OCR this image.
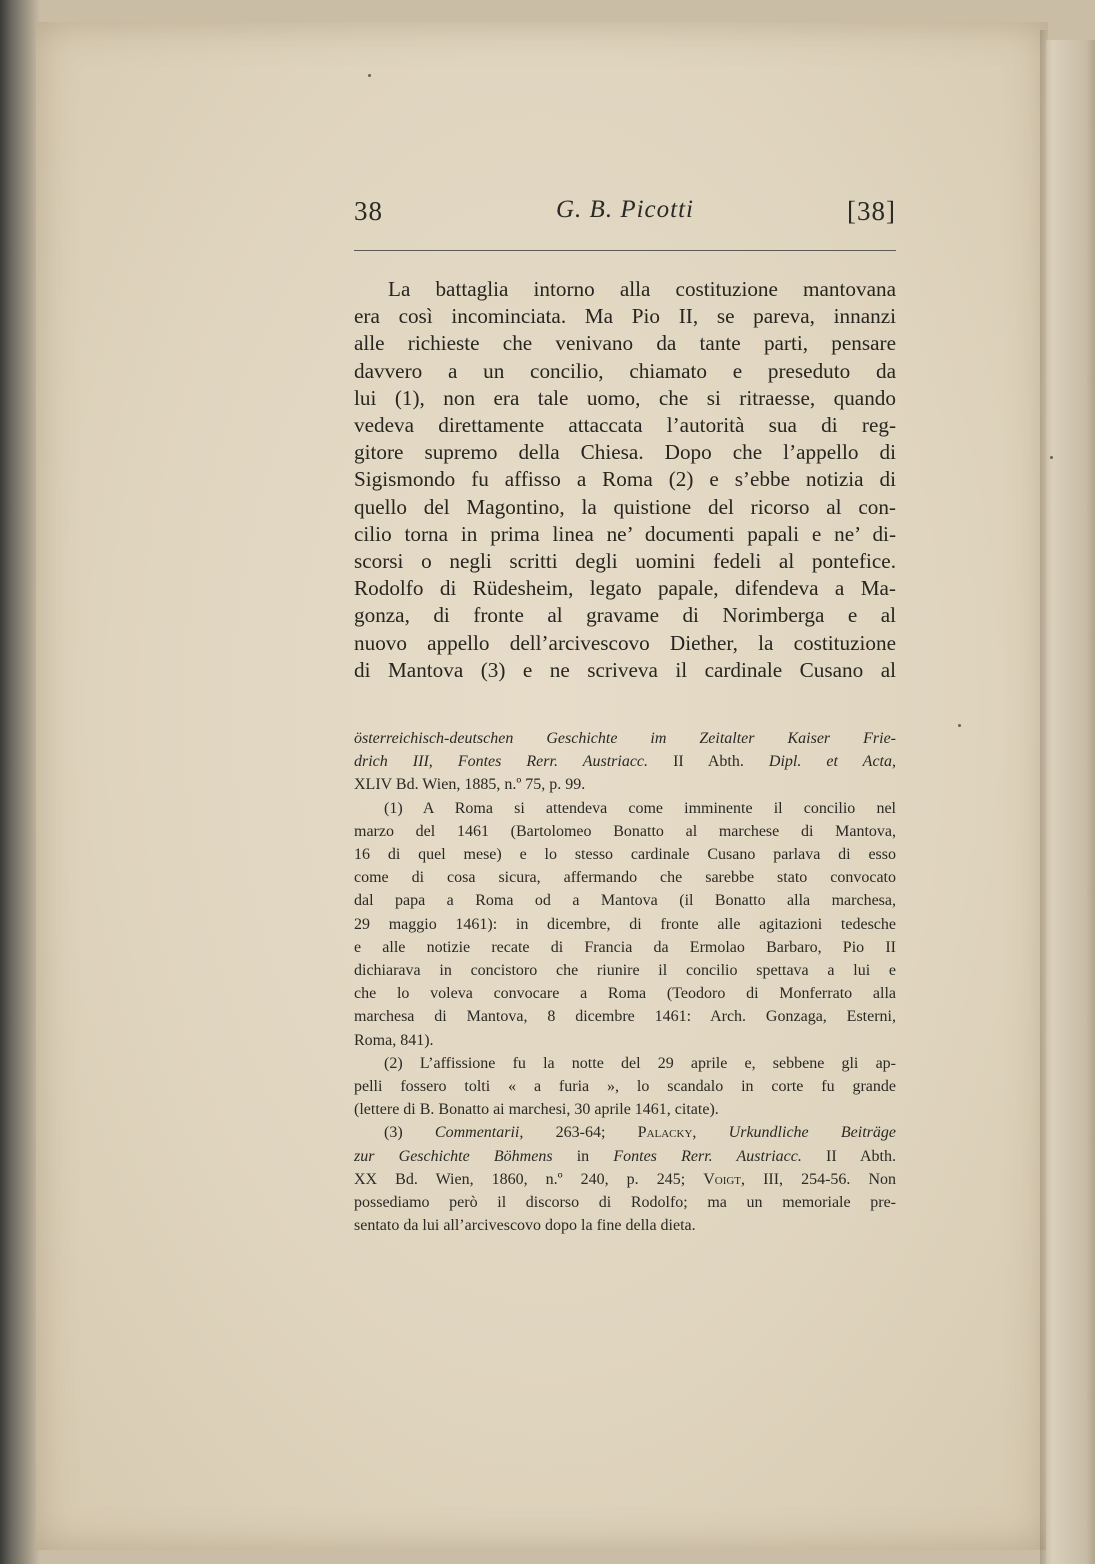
38	G. B. Picotti	[38]
La battaglia intorno alla costituzione mantovana
era così incominciata. Ma Pio II, se pareva, innanzi
alle richieste che venivano da tante parti, pensare
davvero a un concilio, chiamato e preseduto da
lui (1), non era tale uomo, che si ritraesse, quando
vedeva direttamente attaccata l’autorità sua di reg-
gitore supremo della Chiesa. Dopo che l’appello di
Sigismondo fu affisso a Roma (2) e s’ebbe notizia di
quello del Magontino, la quistione del ricorso al con-
cilio torna in prima linea ne’ documenti papali e ne’ di-
scorsi o negli scritti degli uomini fedeli al pontefice.
Rodolfo di Rüdesheim, legato papale, difendeva a Ma-
gonza, di fronte al gravame di Norimberga e al
nuovo appello dell’arcivescovo Diether, la costituzione
di Mantova (3) e ne scriveva il cardinale Cusano al
österreichisch-deutschen Geschichte im Zeitalter Kaiser Frie-
drich III, Fontes Rerr. Austriacc. II Abth. Dipl. et Acta,
XLIV Bd. Wien, 1885, n.º 75, p. 99.
(1) A Roma si attendeva come imminente il concilio nel
marzo del 1461 (Bartolomeo Bonatto al marchese di Mantova,
16 di quel mese) e lo stesso cardinale Cusano parlava di esso
come di cosa sicura, affermando che sarebbe stato convocato
dal papa a Roma od a Mantova (il Bonatto alla marchesa,
29 maggio 1461): in dicembre, di fronte alle agitazioni tedesche
e alle notizie recate di Francia da Ermolao Barbaro, Pio II
dichiarava in concistoro che riunire il concilio spettava a lui e
che lo voleva convocare a Roma (Teodoro di Monferrato alla
marchesa di Mantova, 8 dicembre 1461: Arch. Gonzaga, Esterni,
Roma, 841).
(2) L’affissione fu la notte del 29 aprile e, sebbene gli ap-
pelli fossero tolti « a furia », lo scandalo in corte fu grande
(lettere di B. Bonatto ai marchesi, 30 aprile 1461, citate).
(3) Commentarii, 263-64; Palacky, Urkundliche Beiträge
zur Geschichte Böhmens in Fontes Rerr. Austriacc. II Abth.
XX Bd. Wien, 1860, n.º 240, p. 245; Voigt, III, 254-56. Non
possediamo però il discorso di Rodolfo; ma un memoriale pre-
sentato da lui all’arcivescovo dopo la fine della dieta.
